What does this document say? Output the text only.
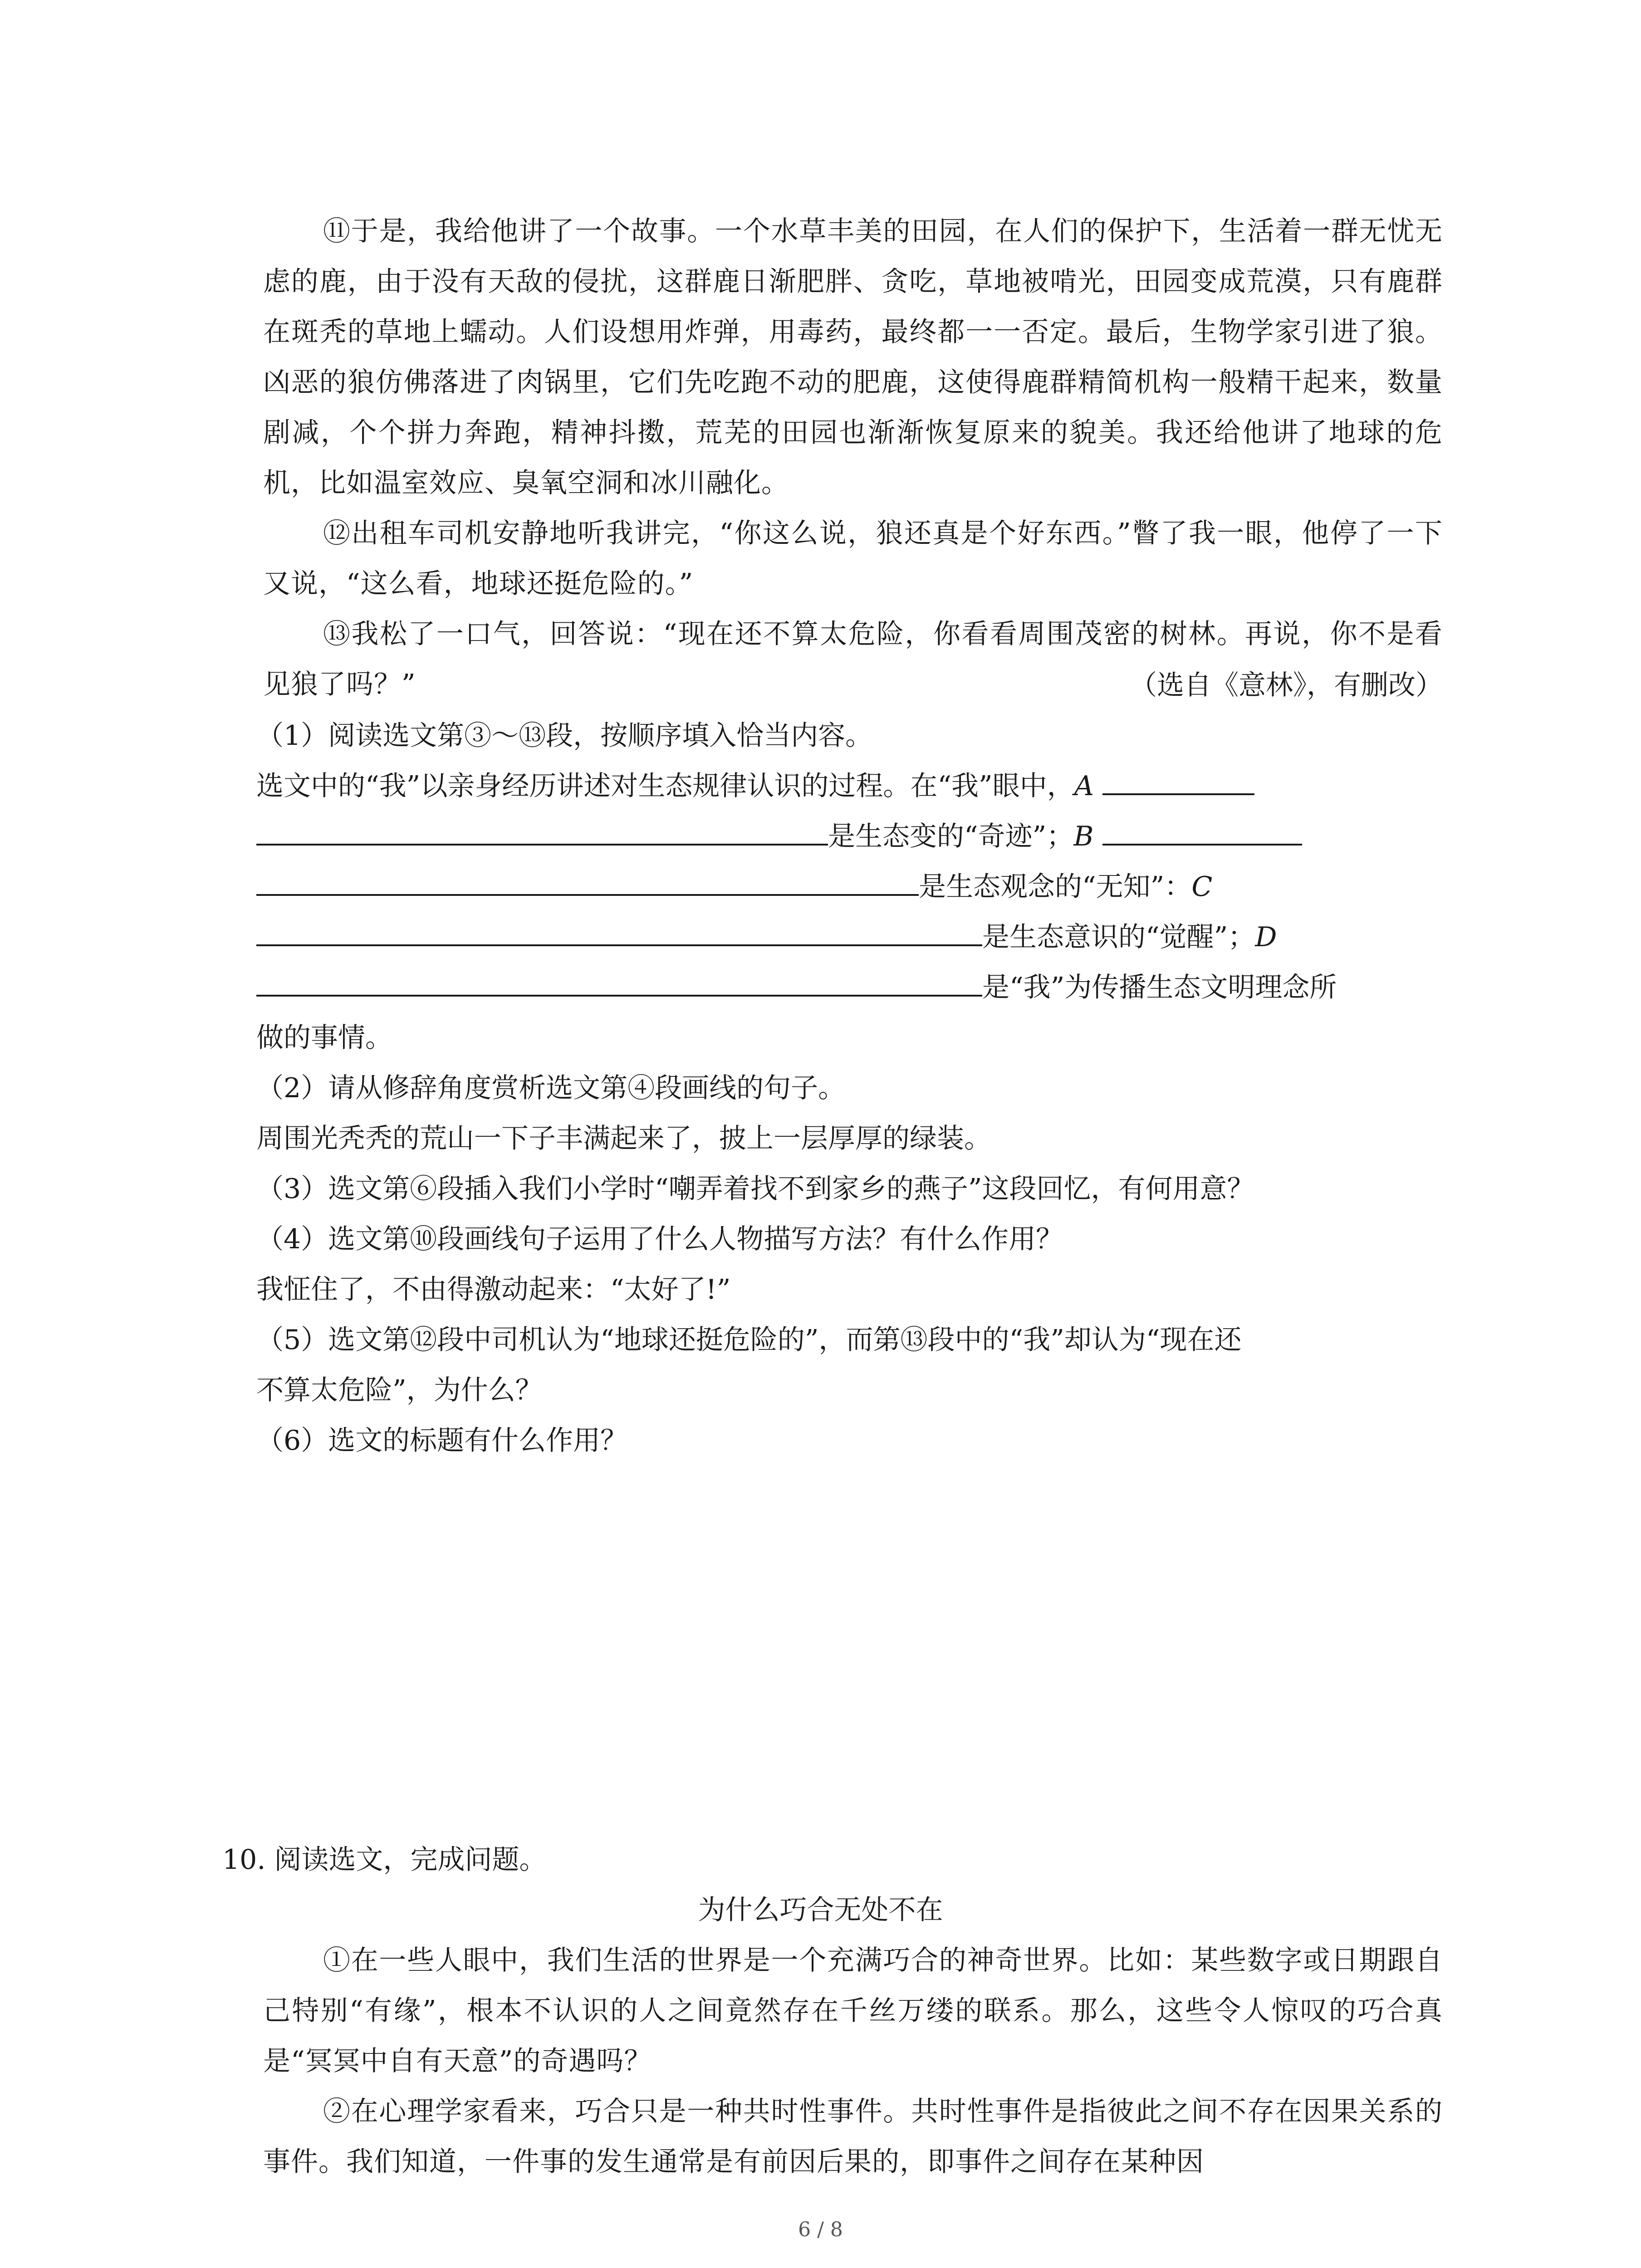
⑪于是，我给他讲了一个故事。一个水草丰美的田园，在人们的保护下，生活着一群无忧无虑的鹿，由于没有天敌的侵扰，这群鹿日渐肥胖、贪吃，草地被啃光，田园变成荒漠，只有鹿群在斑秃的草地上蠕动。人们设想用炸弹，用毒药，最终都一一否定。最后，生物学家引进了狼。凶恶的狼仿佛落进了肉锅里，它们先吃跑不动的肥鹿，这使得鹿群精简机构一般精干起来，数量剧减，个个拼力奔跑，精神抖擞，荒芜的田园也渐渐恢复原来的貌美。我还给他讲了地球的危机，比如温室效应、臭氧空洞和冰川融化。

⑫出租车司机安静地听我讲完，“你这么说，狼还真是个好东西。”瞥了我一眼，他停了一下又说，“这么看，地球还挺危险的。”

⑬我松了一口气，回答说：“现在还不算太危险，你看看周围茂密的树林。再说，你不是看见狼了吗？”	（选自《意林》，有删改）

（1）阅读选文第③～⑬段，按顺序填入恰当内容。

选文中的“我”以亲身经历讲述对生态规律认识的过程。在“我”眼中，A

是生态变的“奇迹”；B

是生态观念的“无知”：C

是生态意识的“觉醒”；D

是“我”为传播生态文明理念所

做的事情。

（2）请从修辞角度赏析选文第④段画线的句子。

周围光秃秃的荒山一下子丰满起来了，披上一层厚厚的绿装。

（3）选文第⑥段插入我们小学时“嘲弄着找不到家乡的燕子”这段回忆，有何用意？

（4）选文第⑩段画线句子运用了什么人物描写方法？有什么作用？

我怔住了，不由得激动起来：“太好了!”

（5）选文第⑫段中司机认为“地球还挺危险的”，而第⑬段中的“我”却认为“现在还

不算太危险”，为什么？

（6）选文的标题有什么作用？

10. 阅读选文，完成问题。

为什么巧合无处不在

①在一些人眼中，我们生活的世界是一个充满巧合的神奇世界。比如：某些数字或日期跟自己特别“有缘”，根本不认识的人之间竟然存在千丝万缕的联系。那么，这些令人惊叹的巧合真是“冥冥中自有天意”的奇遇吗？

②在心理学家看来，巧合只是一种共时性事件。共时性事件是指彼此之间不存在因果关系的事件。我们知道，一件事的发生通常是有前因后果的，即事件之间存在某种因

6 / 8
